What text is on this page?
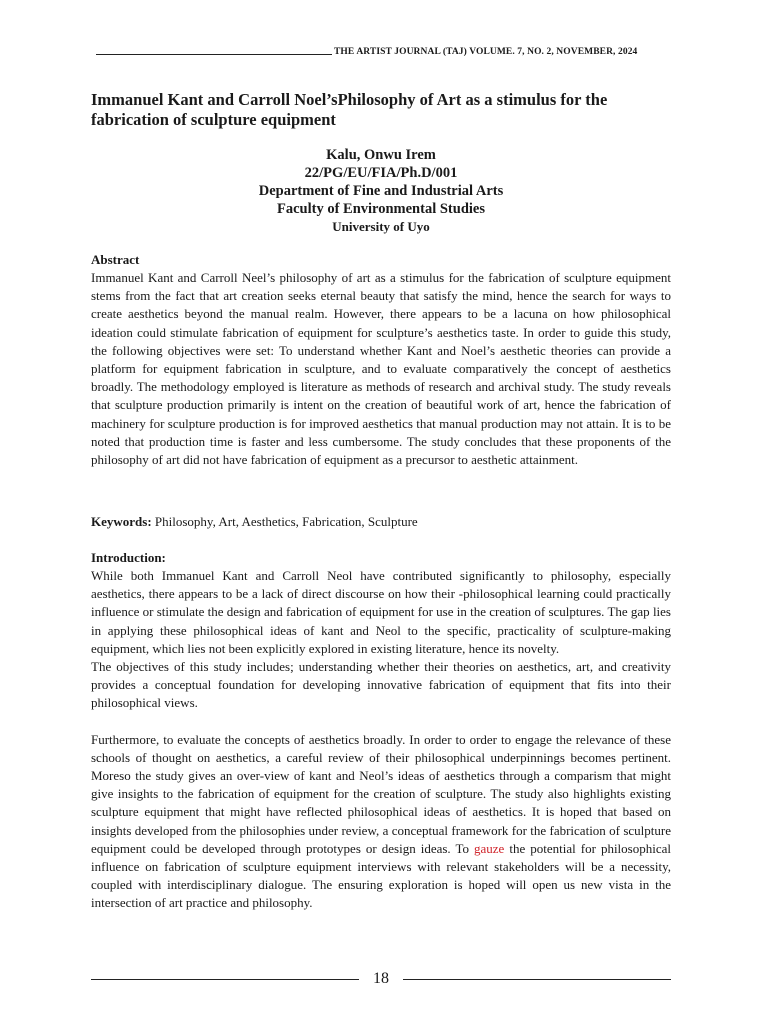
THE ARTIST JOURNAL (TAJ) VOLUME. 7, NO. 2, NOVEMBER, 2024
Immanuel Kant and Carroll Noel’sPhilosophy of Art as a stimulus for the fabrication of sculpture equipment
Kalu, Onwu Irem
22/PG/EU/FIA/Ph.D/001
Department of Fine and Industrial Arts
Faculty of Environmental Studies
University of Uyo

Abstract

Immanuel Kant and Carroll Neel’s philosophy of art as a stimulus for the fabrication of sculpture equipment stems from the fact that art creation seeks eternal beauty that satisfy the mind, hence the search for ways to create aesthetics beyond the manual realm. However, there appears to be a lacuna on how philosophical ideation could stimulate fabrication of equipment for sculpture’s aesthetics taste. In order to guide this study, the following objectives were set: To understand whether Kant and Noel’s aesthetic theories can provide a platform for equipment fabrication in sculpture, and to evaluate comparatively the concept of aesthetics broadly. The methodology employed is literature as methods of research and archival study. The study reveals that sculpture production primarily is intent on the creation of beautiful work of art, hence the fabrication of machinery for sculpture production is for improved aesthetics that manual production may not attain. It is to be noted that production time is faster and less cumbersome. The study concludes that these proponents of the philosophy of art did not have fabrication of equipment as a precursor to aesthetic attainment.

Keywords: Philosophy, Art, Aesthetics, Fabrication, Sculpture

Introduction:

While both Immanuel Kant and Carroll Neol have contributed significantly to philosophy, especially aesthetics, there appears to be a lack of direct discourse on how their -philosophical learning could practically influence or stimulate the design and fabrication of equipment for use in the creation of sculptures. The gap lies in applying these philosophical ideas of kant and Neol to the specific, practicality of sculpture-making equipment, which lies not been explicitly explored in existing literature, hence its novelty.

The objectives of this study includes; understanding whether their theories on aesthetics, art, and creativity provides a conceptual foundation for developing innovative fabrication of equipment that fits into their philosophical views.

Furthermore, to evaluate the concepts of aesthetics broadly. In order to order to engage the relevance of these schools of thought on aesthetics, a careful review of their philosophical underpinnings becomes pertinent. Moreso the study gives an over-view of kant and Neol’s ideas of aesthetics through a comparism that might give insights to the fabrication of equipment for the creation of sculpture. The study also highlights existing sculpture equipment that might have reflected philosophical ideas of aesthetics. It is hoped that based on insights developed from the philosophies under review, a conceptual framework for the fabrication of sculpture equipment could be developed through prototypes or design ideas. To gauze the potential for philosophical influence on fabrication of sculpture equipment interviews with relevant stakeholders will be a necessity, coupled with interdisciplinary dialogue. The ensuring exploration is hoped will open us new vista in the intersection of art practice and philosophy.

18
